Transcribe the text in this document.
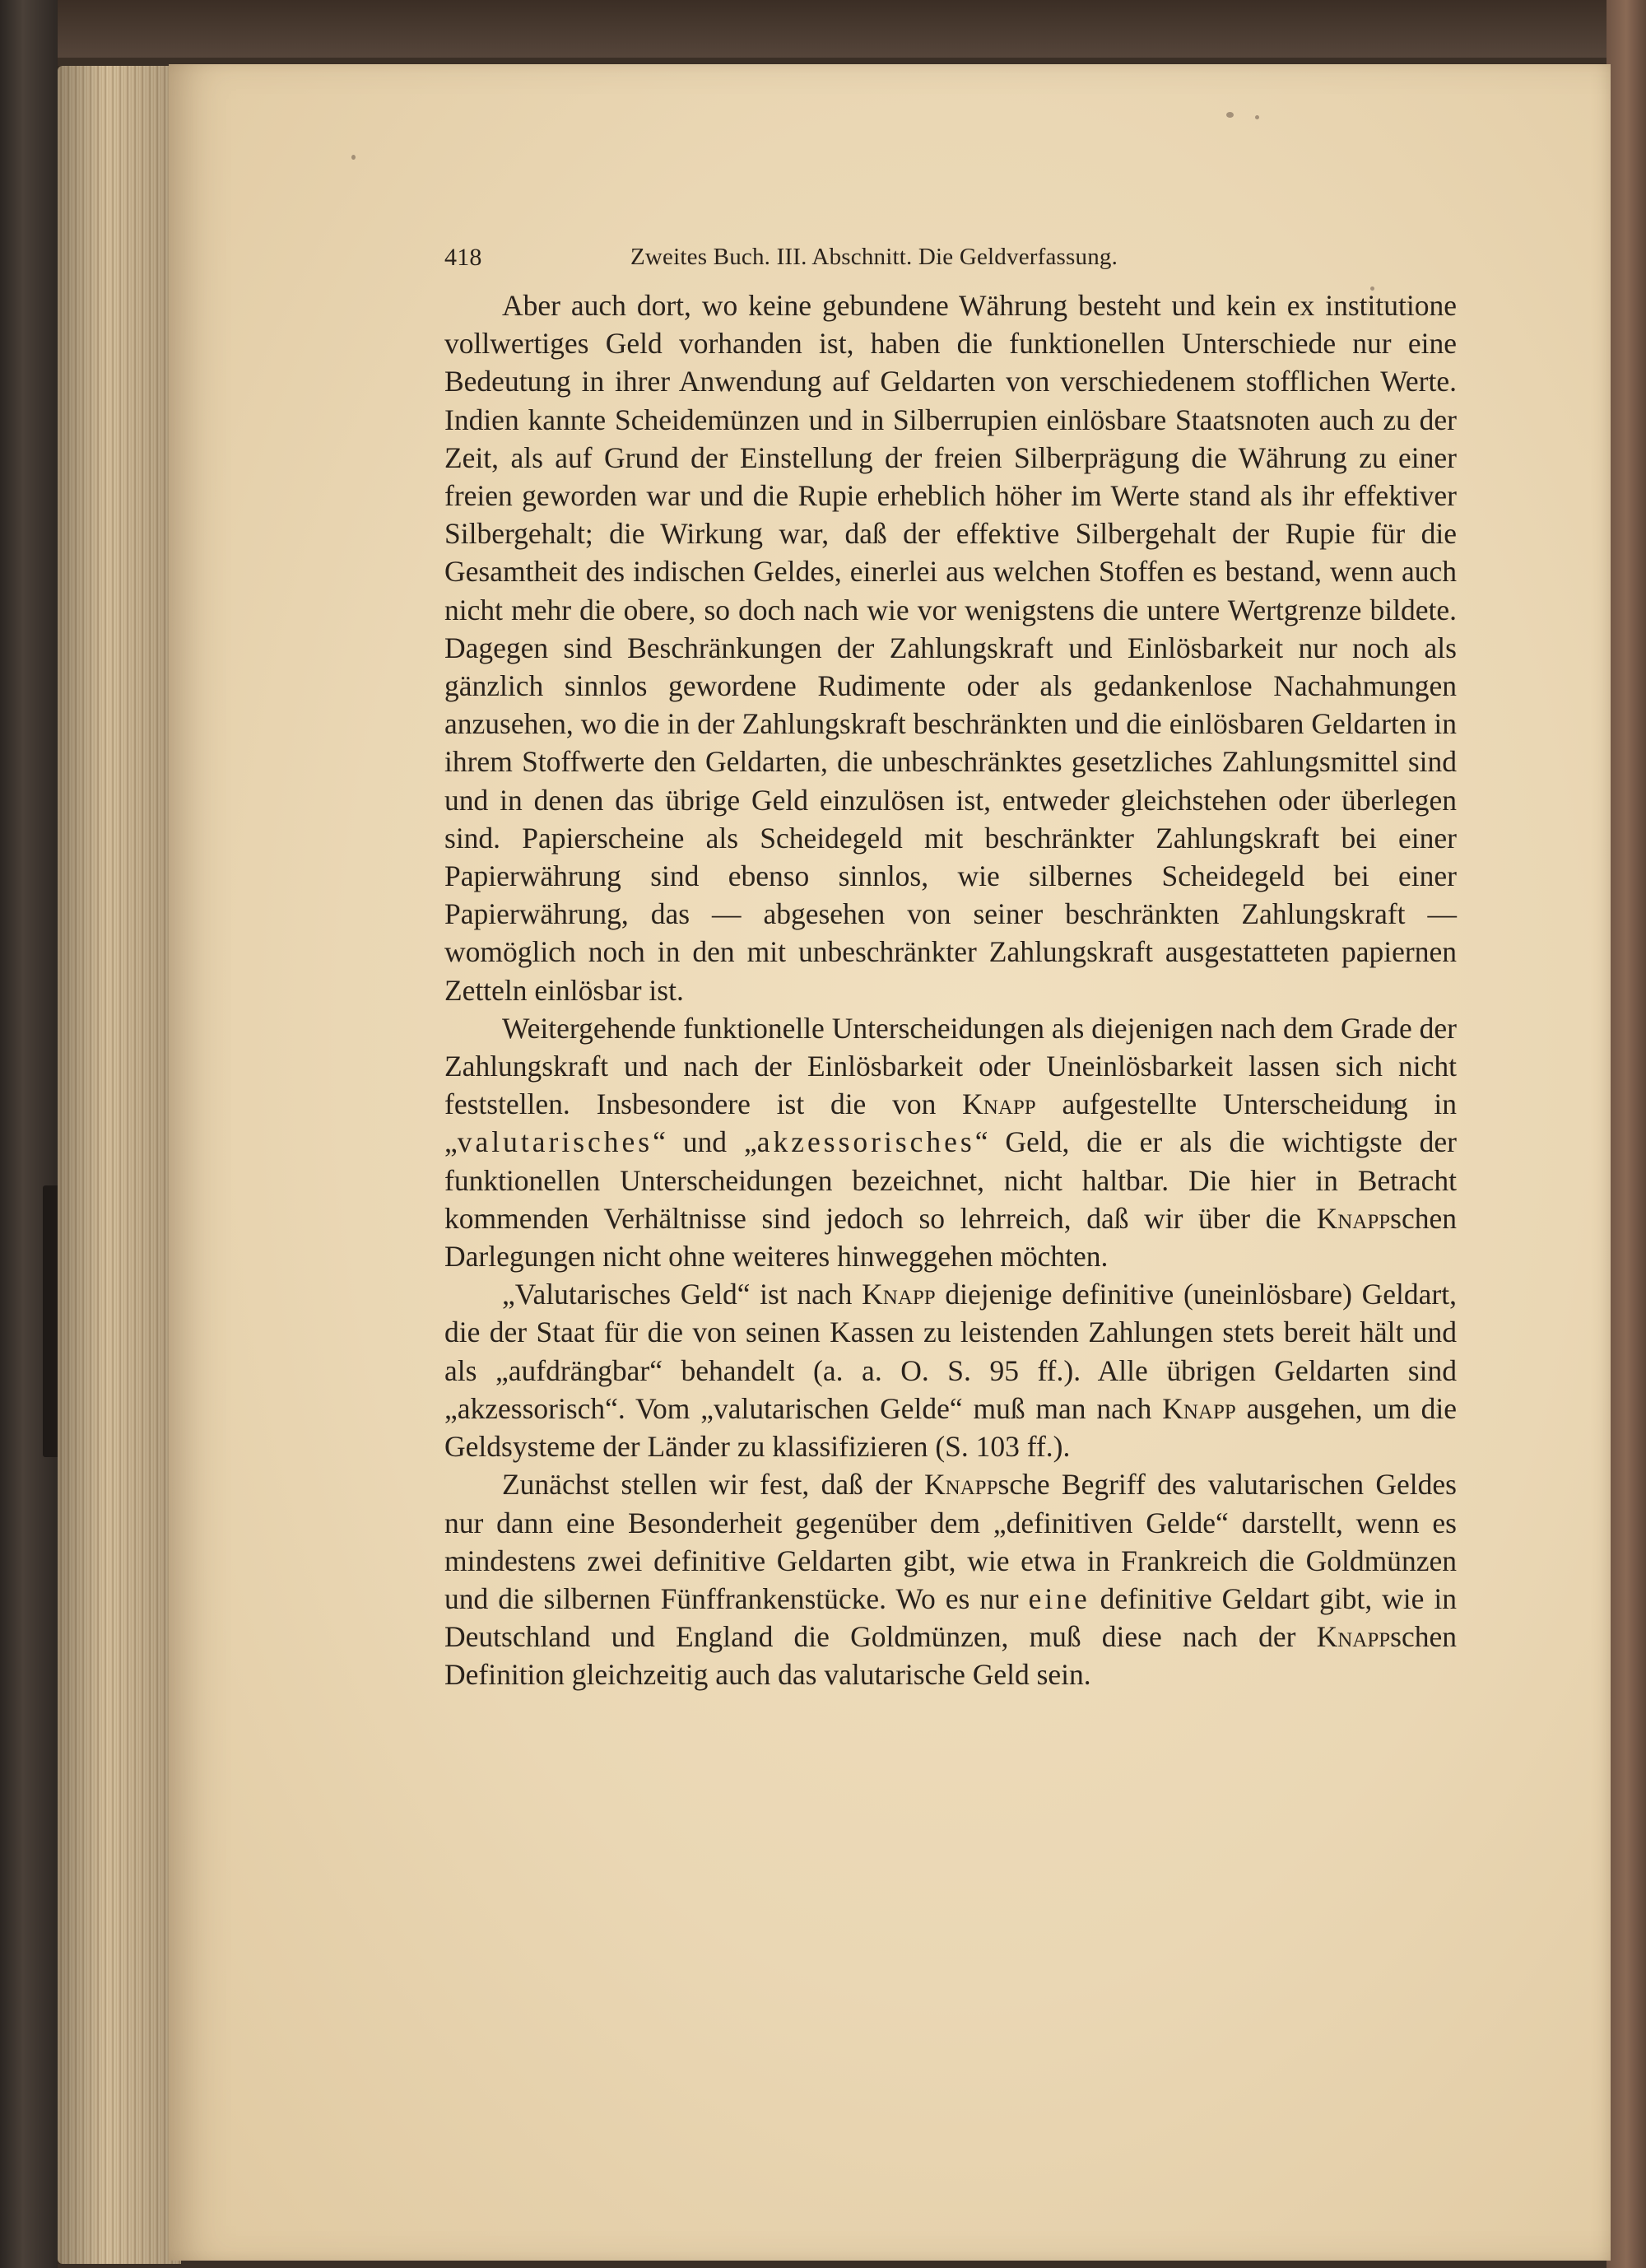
418	Zweites Buch. III. Abschnitt. Die Geldverfassung.

Aber auch dort, wo keine gebundene Währung besteht und kein ex institutione vollwertiges Geld vorhanden ist, haben die funktionellen Unterschiede nur eine Bedeutung in ihrer Anwendung auf Geldarten von verschiedenem stofflichen Werte. Indien kannte Scheidemünzen und in Silberrupien einlösbare Staatsnoten auch zu der Zeit, als auf Grund der Einstellung der freien Silberprägung die Währung zu einer freien geworden war und die Rupie erheblich höher im Werte stand als ihr effektiver Silbergehalt; die Wirkung war, daß der effektive Silbergehalt der Rupie für die Gesamtheit des indischen Geldes, einerlei aus welchen Stoffen es bestand, wenn auch nicht mehr die obere, so doch nach wie vor wenigstens die untere Wertgrenze bildete. Dagegen sind Beschränkungen der Zahlungskraft und Einlösbarkeit nur noch als gänzlich sinnlos gewordene Rudimente oder als gedankenlose Nachahmungen anzusehen, wo die in der Zahlungskraft beschränkten und die einlösbaren Geldarten in ihrem Stoffwerte den Geldarten, die unbeschränktes gesetzliches Zahlungsmittel sind und in denen das übrige Geld einzulösen ist, entweder gleichstehen oder überlegen sind. Papierscheine als Scheidegeld mit beschränkter Zahlungskraft bei einer Papierwährung sind ebenso sinnlos, wie silbernes Scheidegeld bei einer Papierwährung, das — abgesehen von seiner beschränkten Zahlungskraft — womöglich noch in den mit unbeschränkter Zahlungskraft ausgestatteten papiernen Zetteln einlösbar ist.

Weitergehende funktionelle Unterscheidungen als diejenigen nach dem Grade der Zahlungskraft und nach der Einlösbarkeit oder Uneinlösbarkeit lassen sich nicht feststellen. Insbesondere ist die von Knapp aufgestellte Unterscheidung in „valutarisches“ und „akzessorisches“ Geld, die er als die wichtigste der funktionellen Unterscheidungen bezeichnet, nicht haltbar. Die hier in Betracht kommenden Verhältnisse sind jedoch so lehrreich, daß wir über die Knappschen Darlegungen nicht ohne weiteres hinweggehen möchten.

„Valutarisches Geld“ ist nach Knapp diejenige definitive (uneinlösbare) Geldart, die der Staat für die von seinen Kassen zu leistenden Zahlungen stets bereit hält und als „aufdrängbar“ behandelt (a. a. O. S. 95 ff.). Alle übrigen Geldarten sind „akzessorisch“. Vom „valutarischen Gelde“ muß man nach Knapp ausgehen, um die Geldsysteme der Länder zu klassifizieren (S. 103 ff.).

Zunächst stellen wir fest, daß der Knappsche Begriff des valutarischen Geldes nur dann eine Besonderheit gegenüber dem „definitiven Gelde“ darstellt, wenn es mindestens zwei definitive Geldarten gibt, wie etwa in Frankreich die Goldmünzen und die silbernen Fünffrankenstücke. Wo es nur eine definitive Geldart gibt, wie in Deutschland und England die Goldmünzen, muß diese nach der Knappschen Definition gleichzeitig auch das valutarische Geld sein.
